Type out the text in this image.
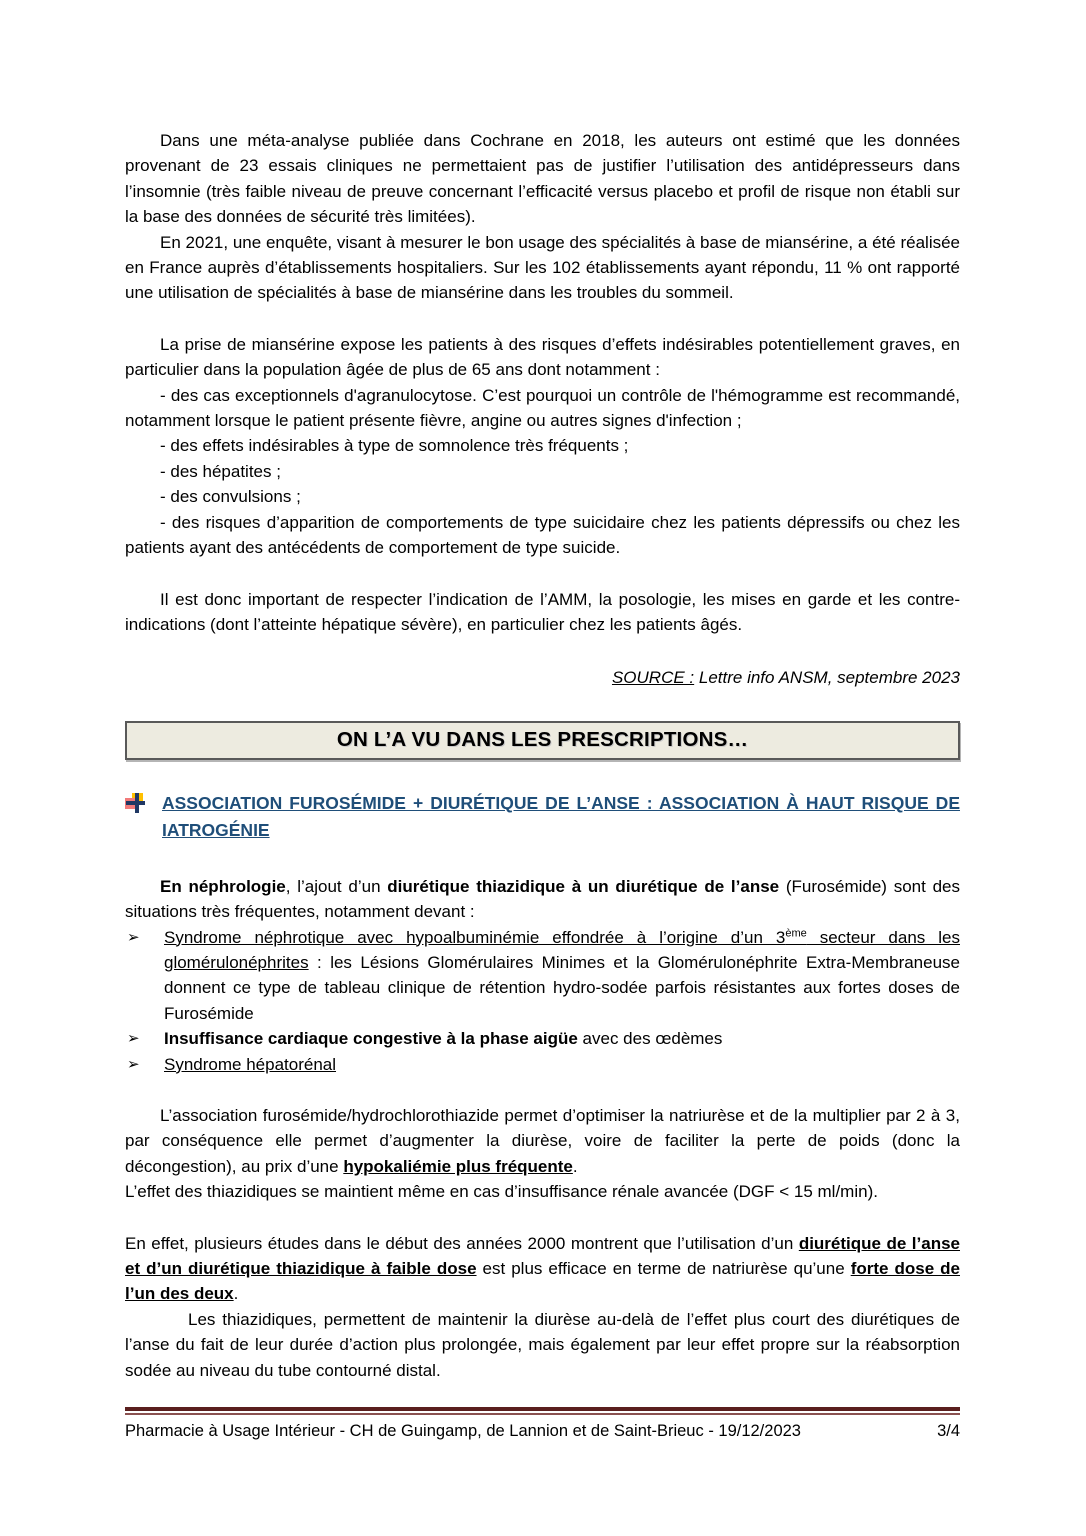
Dans une méta-analyse publiée dans Cochrane en 2018, les auteurs ont estimé que les données provenant de 23 essais cliniques ne permettaient pas de justifier l’utilisation des antidépresseurs dans l’insomnie (très faible niveau de preuve concernant l’efficacité versus placebo et profil de risque non établi sur la base des données de sécurité très limitées).

En 2021, une enquête, visant à mesurer le bon usage des spécialités à base de miansérine, a été réalisée en France auprès d’établissements hospitaliers. Sur les 102 établissements ayant répondu, 11 % ont rapporté une utilisation de spécialités à base de miansérine dans les troubles du sommeil.

La prise de miansérine expose les patients à des risques d’effets indésirables potentiellement graves, en particulier dans la population âgée de plus de 65 ans dont notamment :

- des cas exceptionnels d'agranulocytose. C’est pourquoi un contrôle de l'hémogramme est recommandé, notamment lorsque le patient présente fièvre, angine ou autres signes d'infection ;

- des effets indésirables à type de somnolence très fréquents ;

- des hépatites ;

- des convulsions ;

- des risques d’apparition de comportements de type suicidaire chez les patients dépressifs ou chez les patients ayant des antécédents de comportement de type suicide.

Il est donc important de respecter l’indication de l’AMM, la posologie, les mises en garde et les contre-indications (dont l’atteinte hépatique sévère), en particulier chez les patients âgés.

SOURCE : Lettre info ANSM, septembre 2023

ON L’A VU DANS LES PRESCRIPTIONS…
ASSOCIATION FUROSÉMIDE + DIURÉTIQUE DE L’ANSE : ASSOCIATION À HAUT RISQUE DE IATROGÉNIE

En néphrologie, l’ajout d’un diurétique thiazidique à un diurétique de l’anse (Furosémide) sont des situations très fréquentes, notamment devant :

➢	Syndrome néphrotique avec hypoalbuminémie effondrée à l’origine d’un 3ème secteur dans les glomérulonéphrites : les Lésions Glomérulaires Minimes et la Glomérulonéphrite Extra-Membraneuse donnent ce type de tableau clinique de rétention hydro-sodée parfois résistantes aux fortes doses de Furosémide

➢	Insuffisance cardiaque congestive à la phase aigüe avec des œdèmes

➢	Syndrome hépatorénal

L’association furosémide/hydrochlorothiazide permet d’optimiser la natriurèse et de la multiplier par 2 à 3, par conséquence elle permet d’augmenter la diurèse, voire de faciliter la perte de poids (donc la décongestion), au prix d’une hypokaliémie plus fréquente.

L’effet des thiazidiques se maintient même en cas d’insuffisance rénale avancée (DGF < 15 ml/min).

En effet, plusieurs études dans le début des années 2000 montrent que l’utilisation d’un diurétique de l’anse et d’un diurétique thiazidique à faible dose est plus efficace en terme de natriurèse qu’une forte dose de l’un des deux.

Les thiazidiques, permettent de maintenir la diurèse au-delà de l’effet plus court des diurétiques de l’anse du fait de leur durée d’action plus prolongée, mais également par leur effet propre sur la réabsorption sodée au niveau du tube contourné distal.

Pharmacie à Usage Intérieur - CH de Guingamp, de Lannion et de Saint-Brieuc - 19/12/2023	3/4
